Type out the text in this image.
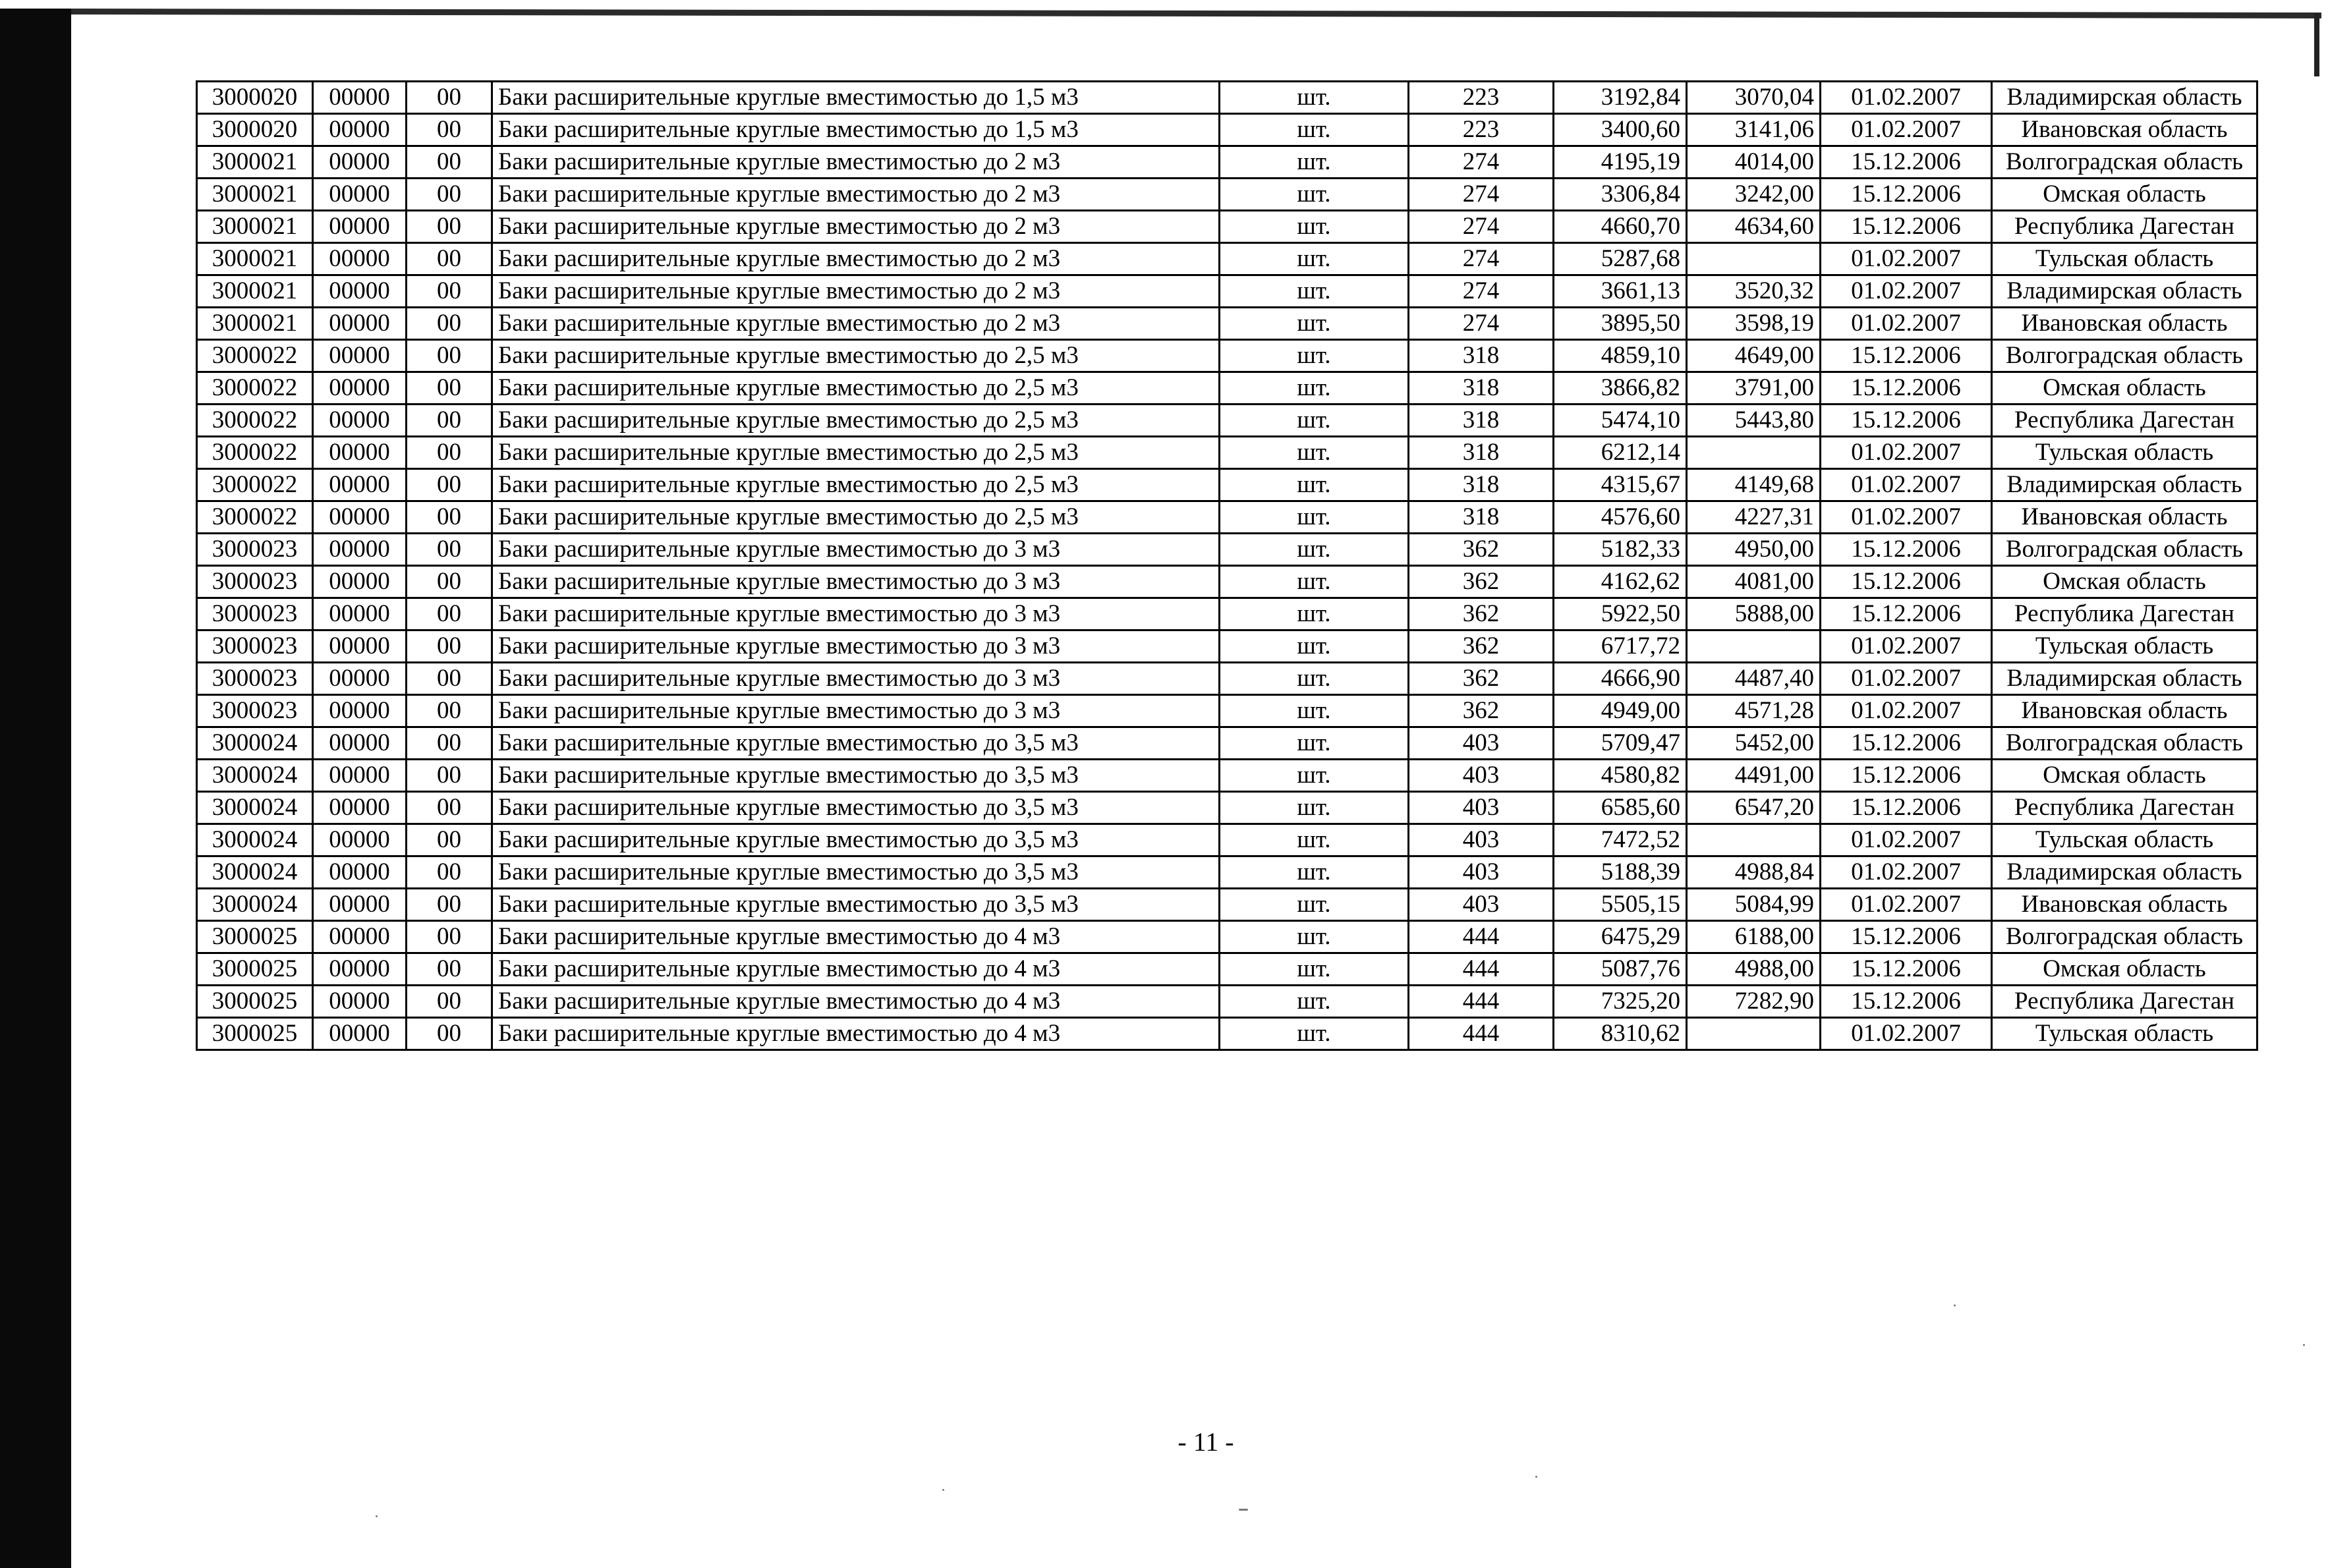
3000020	00000	00	Баки расширительные круглые вместимостью до 1,5 м3	шт.	223	3192,84	3070,04	01.02.2007	Владимирская область
3000020	00000	00	Баки расширительные круглые вместимостью до 1,5 м3	шт.	223	3400,60	3141,06	01.02.2007	Ивановская область
3000021	00000	00	Баки расширительные круглые вместимостью до 2 м3	шт.	274	4195,19	4014,00	15.12.2006	Волгоградская область
3000021	00000	00	Баки расширительные круглые вместимостью до 2 м3	шт.	274	3306,84	3242,00	15.12.2006	Омская область
3000021	00000	00	Баки расширительные круглые вместимостью до 2 м3	шт.	274	4660,70	4634,60	15.12.2006	Республика Дагестан
3000021	00000	00	Баки расширительные круглые вместимостью до 2 м3	шт.	274	5287,68		01.02.2007	Тульская область
3000021	00000	00	Баки расширительные круглые вместимостью до 2 м3	шт.	274	3661,13	3520,32	01.02.2007	Владимирская область
3000021	00000	00	Баки расширительные круглые вместимостью до 2 м3	шт.	274	3895,50	3598,19	01.02.2007	Ивановская область
3000022	00000	00	Баки расширительные круглые вместимостью до 2,5 м3	шт.	318	4859,10	4649,00	15.12.2006	Волгоградская область
3000022	00000	00	Баки расширительные круглые вместимостью до 2,5 м3	шт.	318	3866,82	3791,00	15.12.2006	Омская область
3000022	00000	00	Баки расширительные круглые вместимостью до 2,5 м3	шт.	318	5474,10	5443,80	15.12.2006	Республика Дагестан
3000022	00000	00	Баки расширительные круглые вместимостью до 2,5 м3	шт.	318	6212,14		01.02.2007	Тульская область
3000022	00000	00	Баки расширительные круглые вместимостью до 2,5 м3	шт.	318	4315,67	4149,68	01.02.2007	Владимирская область
3000022	00000	00	Баки расширительные круглые вместимостью до 2,5 м3	шт.	318	4576,60	4227,31	01.02.2007	Ивановская область
3000023	00000	00	Баки расширительные круглые вместимостью до 3 м3	шт.	362	5182,33	4950,00	15.12.2006	Волгоградская область
3000023	00000	00	Баки расширительные круглые вместимостью до 3 м3	шт.	362	4162,62	4081,00	15.12.2006	Омская область
3000023	00000	00	Баки расширительные круглые вместимостью до 3 м3	шт.	362	5922,50	5888,00	15.12.2006	Республика Дагестан
3000023	00000	00	Баки расширительные круглые вместимостью до 3 м3	шт.	362	6717,72		01.02.2007	Тульская область
3000023	00000	00	Баки расширительные круглые вместимостью до 3 м3	шт.	362	4666,90	4487,40	01.02.2007	Владимирская область
3000023	00000	00	Баки расширительные круглые вместимостью до 3 м3	шт.	362	4949,00	4571,28	01.02.2007	Ивановская область
3000024	00000	00	Баки расширительные круглые вместимостью до 3,5 м3	шт.	403	5709,47	5452,00	15.12.2006	Волгоградская область
3000024	00000	00	Баки расширительные круглые вместимостью до 3,5 м3	шт.	403	4580,82	4491,00	15.12.2006	Омская область
3000024	00000	00	Баки расширительные круглые вместимостью до 3,5 м3	шт.	403	6585,60	6547,20	15.12.2006	Республика Дагестан
3000024	00000	00	Баки расширительные круглые вместимостью до 3,5 м3	шт.	403	7472,52		01.02.2007	Тульская область
3000024	00000	00	Баки расширительные круглые вместимостью до 3,5 м3	шт.	403	5188,39	4988,84	01.02.2007	Владимирская область
3000024	00000	00	Баки расширительные круглые вместимостью до 3,5 м3	шт.	403	5505,15	5084,99	01.02.2007	Ивановская область
3000025	00000	00	Баки расширительные круглые вместимостью до 4 м3	шт.	444	6475,29	6188,00	15.12.2006	Волгоградская область
3000025	00000	00	Баки расширительные круглые вместимостью до 4 м3	шт.	444	5087,76	4988,00	15.12.2006	Омская область
3000025	00000	00	Баки расширительные круглые вместимостью до 4 м3	шт.	444	7325,20	7282,90	15.12.2006	Республика Дагестан
3000025	00000	00	Баки расширительные круглые вместимостью до 4 м3	шт.	444	8310,62		01.02.2007	Тульская область
- 11 -
